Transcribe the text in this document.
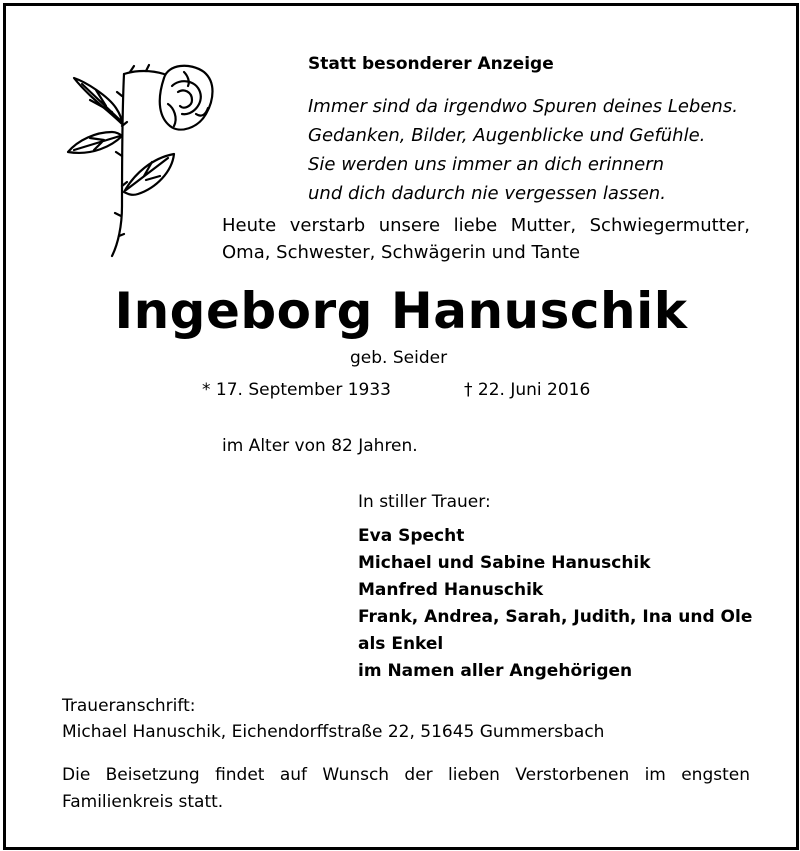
Statt besonderer Anzeige
Immer sind da irgendwo Spuren deines Lebens.
Gedanken, Bilder, Augenblicke und Gefühle.
Sie werden uns immer an dich erinnern
und dich dadurch nie vergessen lassen.
Heute verstarb unsere liebe Mutter, Schwiegermutter,
Oma, Schwester, Schwägerin und Tante
Ingeborg Hanuschik
geb. Seider
* 17. September 1933	† 22. Juni 2016
im Alter von 82 Jahren.
In stiller Trauer:
Eva Specht
Michael und Sabine Hanuschik
Manfred Hanuschik
Frank, Andrea, Sarah, Judith, Ina und Ole
als Enkel
im Namen aller Angehörigen
Traueranschrift:
Michael Hanuschik, Eichendorffstraße 22, 51645 Gummersbach
Die Beisetzung findet auf Wunsch der lieben Verstorbenen im engsten
Familienkreis statt.
